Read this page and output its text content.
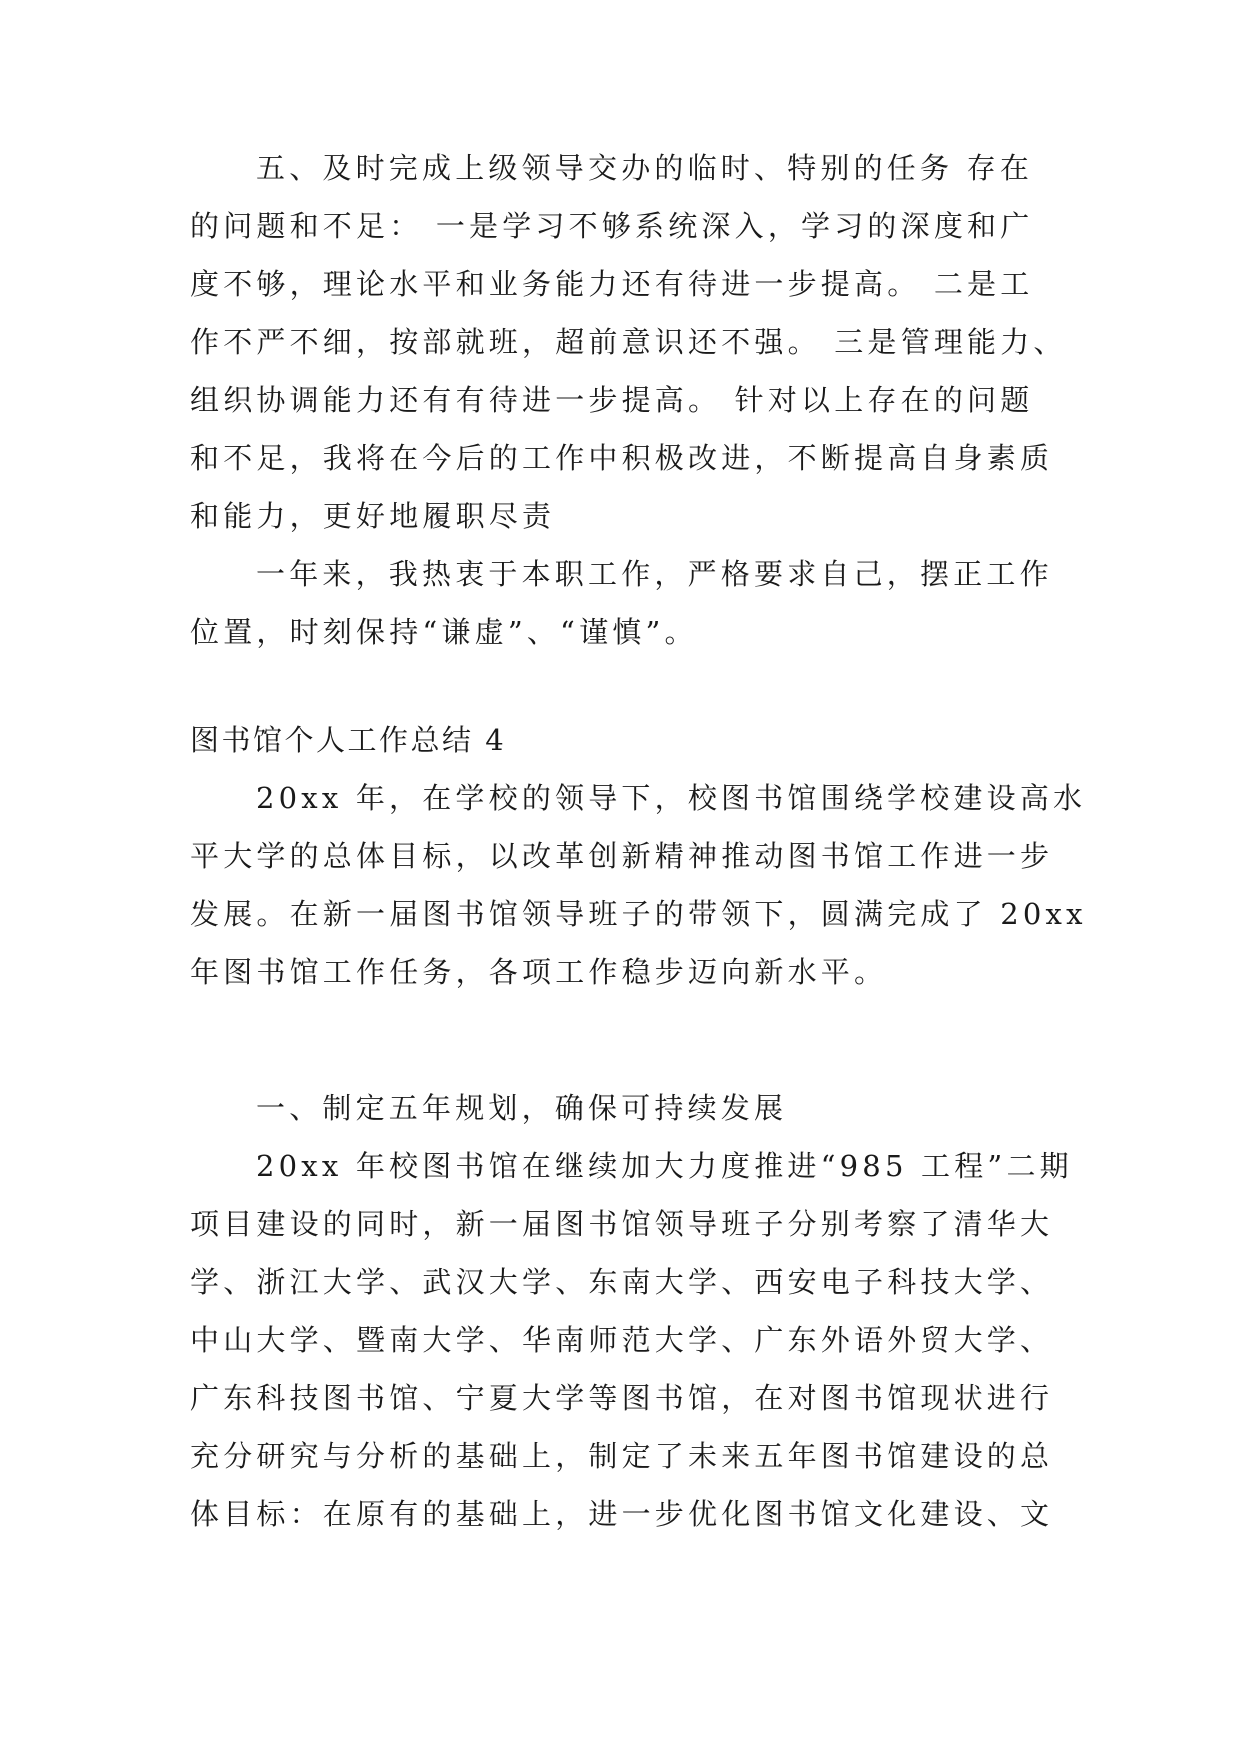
五、及时完成上级领导交办的临时、特别的任务 存在
的问题和不足： 一是学习不够系统深入，学习的深度和广
度不够，理论水平和业务能力还有待进一步提高。 二是工
作不严不细，按部就班，超前意识还不强。 三是管理能力、
组织协调能力还有有待进一步提高。 针对以上存在的问题
和不足，我将在今后的工作中积极改进，不断提高自身素质
和能力，更好地履职尽责
一年来，我热衷于本职工作，严格要求自己，摆正工作
位置，时刻保持“谦虚”、“谨慎”。
图书馆个人工作总结 4
20xx 年，在学校的领导下，校图书馆围绕学校建设高水
平大学的总体目标，以改革创新精神推动图书馆工作进一步
发展。在新一届图书馆领导班子的带领下，圆满完成了 20xx
年图书馆工作任务，各项工作稳步迈向新水平。
一、制定五年规划，确保可持续发展
20xx 年校图书馆在继续加大力度推进“985 工程”二期
项目建设的同时，新一届图书馆领导班子分别考察了清华大
学、浙江大学、武汉大学、东南大学、西安电子科技大学、
中山大学、暨南大学、华南师范大学、广东外语外贸大学、
广东科技图书馆、宁夏大学等图书馆，在对图书馆现状进行
充分研究与分析的基础上，制定了未来五年图书馆建设的总
体目标：在原有的基础上，进一步优化图书馆文化建设、文
